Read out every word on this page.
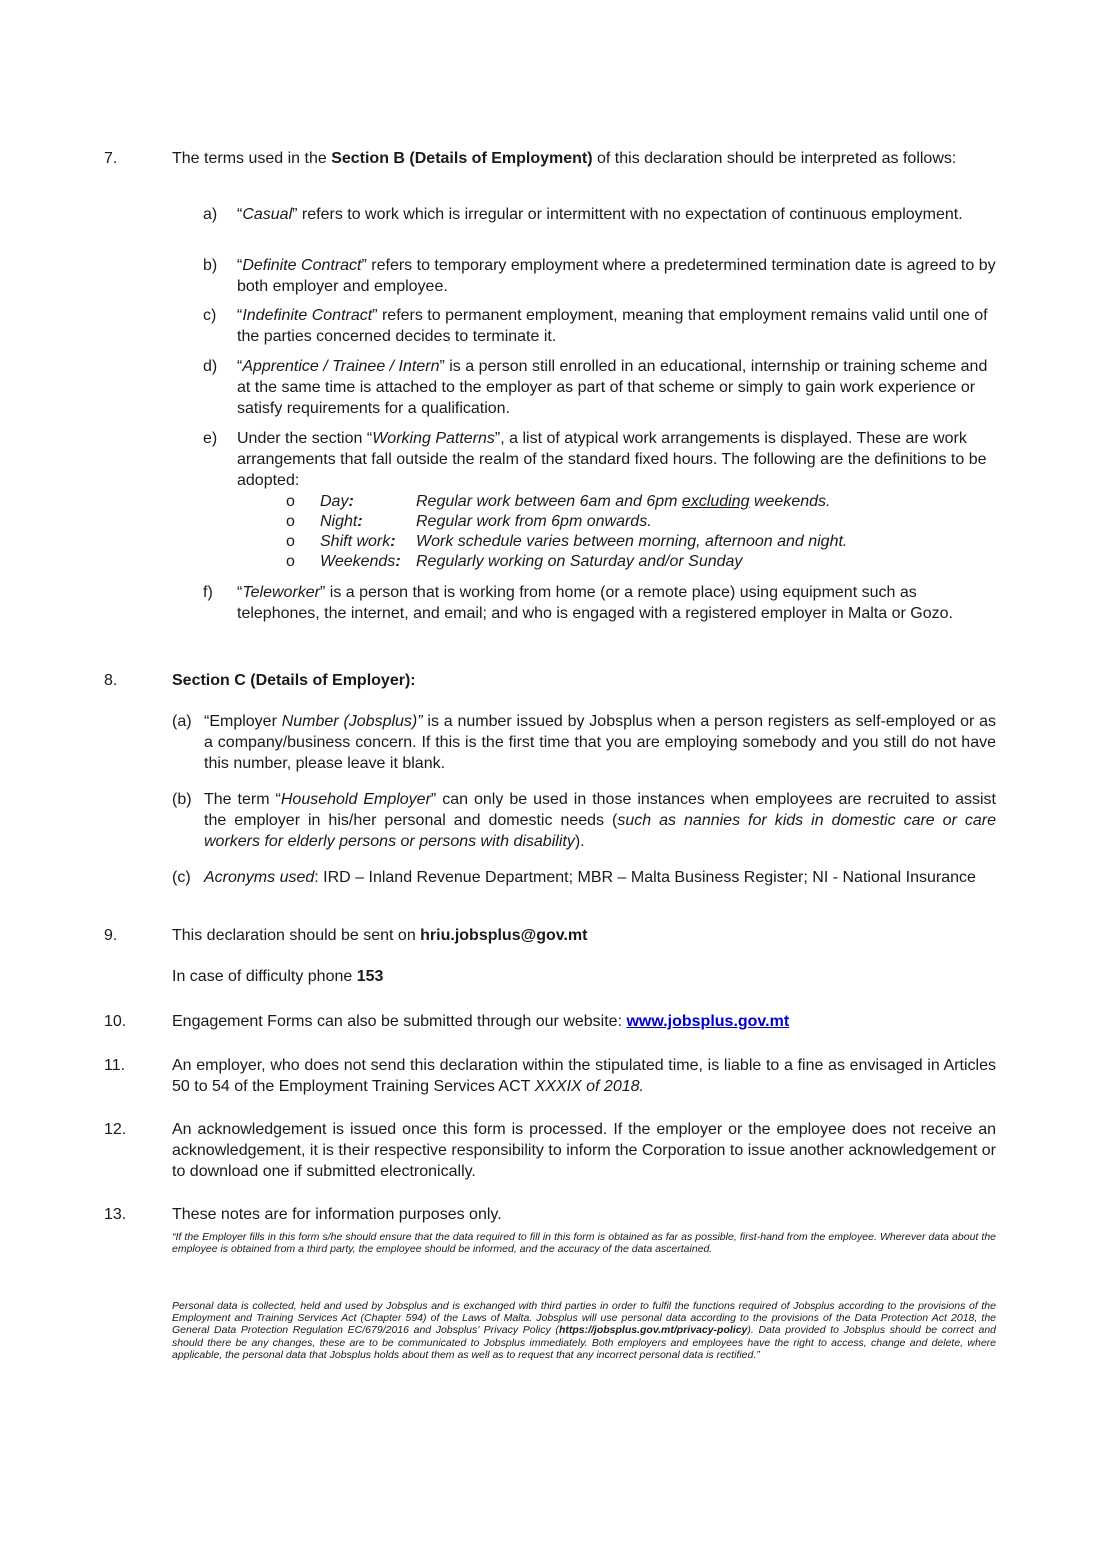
7.	The terms used in the Section B (Details of Employment) of this declaration should be interpreted as follows:
a)	“Casual” refers to work which is irregular or intermittent with no expectation of continuous employment.
b)	“Definite Contract” refers to temporary employment where a predetermined termination date is agreed to by both employer and employee.
c)	“Indefinite Contract” refers to permanent employment, meaning that employment remains valid until one of the parties concerned decides to terminate it.
d)	“Apprentice / Trainee / Intern” is a person still enrolled in an educational, internship or training scheme and at the same time is attached to the employer as part of that scheme or simply to gain work experience or satisfy requirements for a qualification.
e)	Under the section “Working Patterns”, a list of atypical work arrangements is displayed. These are work arrangements that fall outside the realm of the standard fixed hours. The following are the definitions to be adopted:
o Day:	Regular work between 6am and 6pm excluding weekends.
o Night:	Regular work from 6pm onwards.
o Shift work: Work schedule varies between morning, afternoon and night.
o Weekends: Regularly working on Saturday and/or Sunday
f)	“Teleworker” is a person that is working from home (or a remote place) using equipment such as telephones, the internet, and email; and who is engaged with a registered employer in Malta or Gozo.
8.	Section C (Details of Employer):
(a) “Employer Number (Jobsplus)” is a number issued by Jobsplus when a person registers as self-employed or as a company/business concern. If this is the first time that you are employing somebody and you still do not have this number, please leave it blank.
(b) The term “Household Employer” can only be used in those instances when employees are recruited to assist the employer in his/her personal and domestic needs (such as nannies for kids in domestic care or care workers for elderly persons or persons with disability).
(c) Acronyms used: IRD – Inland Revenue Department; MBR – Malta Business Register; NI - National Insurance
9.	This declaration should be sent on hriu.jobsplus@gov.mt
In case of difficulty phone 153
10.	Engagement Forms can also be submitted through our website: www.jobsplus.gov.mt
11.	An employer, who does not send this declaration within the stipulated time, is liable to a fine as envisaged in Articles 50 to 54 of the Employment Training Services ACT XXXIX of 2018.
12.	An acknowledgement is issued once this form is processed. If the employer or the employee does not receive an acknowledgement, it is their respective responsibility to inform the Corporation to issue another acknowledgement or to download one if submitted electronically.
13.	These notes are for information purposes only.
“If the Employer fills in this form s/he should ensure that the data required to fill in this form is obtained as far as possible, first-hand from the employee. Wherever data about the employee is obtained from a third party, the employee should be informed, and the accuracy of the data ascertained.
Personal data is collected, held and used by Jobsplus and is exchanged with third parties in order to fulfil the functions required of Jobsplus according to the provisions of the Employment and Training Services Act (Chapter 594) of the Laws of Malta. Jobsplus will use personal data according to the provisions of the Data Protection Act 2018, the General Data Protection Regulation EC/679/2016 and Jobsplus’ Privacy Policy (https://jobsplus.gov.mt/privacy-policy). Data provided to Jobsplus should be correct and should there be any changes, these are to be communicated to Jobsplus immediately. Both employers and employees have the right to access, change and delete, where applicable, the personal data that Jobsplus holds about them as well as to request that any incorrect personal data is rectified.”
